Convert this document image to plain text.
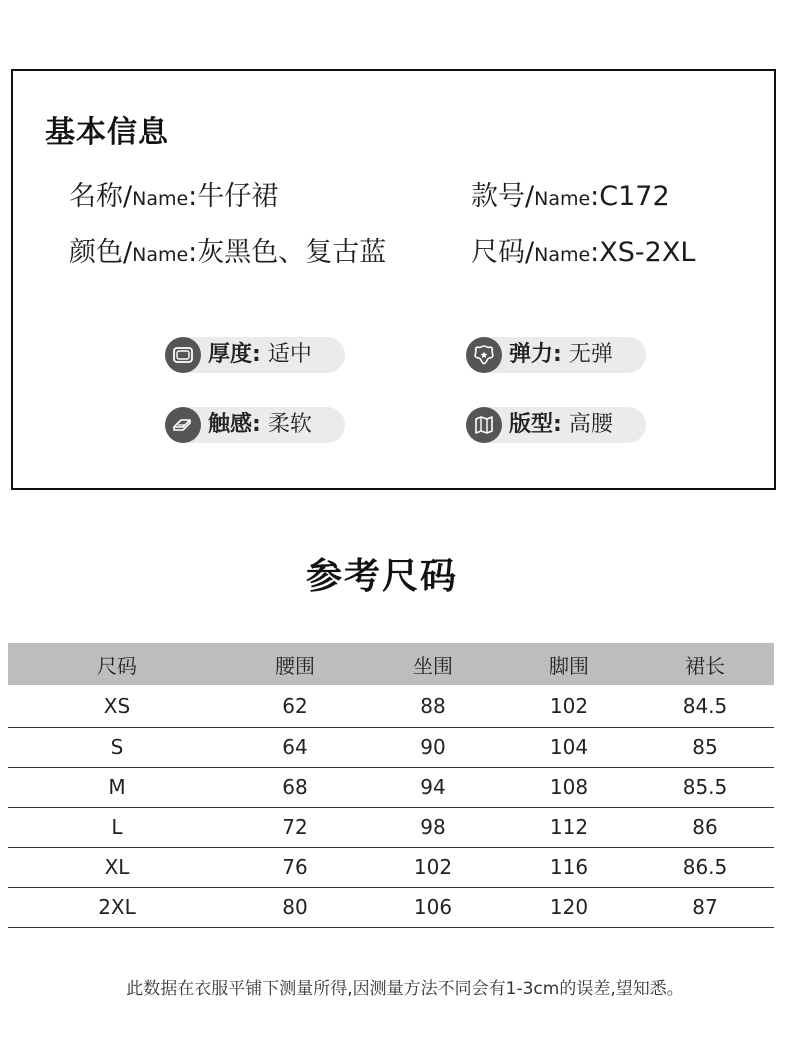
基本信息
名称/Name:牛仔裙	款号/Name:C172
颜色/Name:灰黑色、复古蓝	尺码/Name:XS-2XL
厚度: 适中	弹力: 无弹
触感: 柔软	版型: 高腰
参考尺码
尺码	腰围	坐围	脚围	裙长
XS	62	88	102	84.5
S	64	90	104	85
M	68	94	108	85.5
L	72	98	112	86
XL	76	102	116	86.5
2XL	80	106	120	87

此数据在衣服平铺下测量所得,因测量方法不同会有1-3cm的误差,望知悉。
